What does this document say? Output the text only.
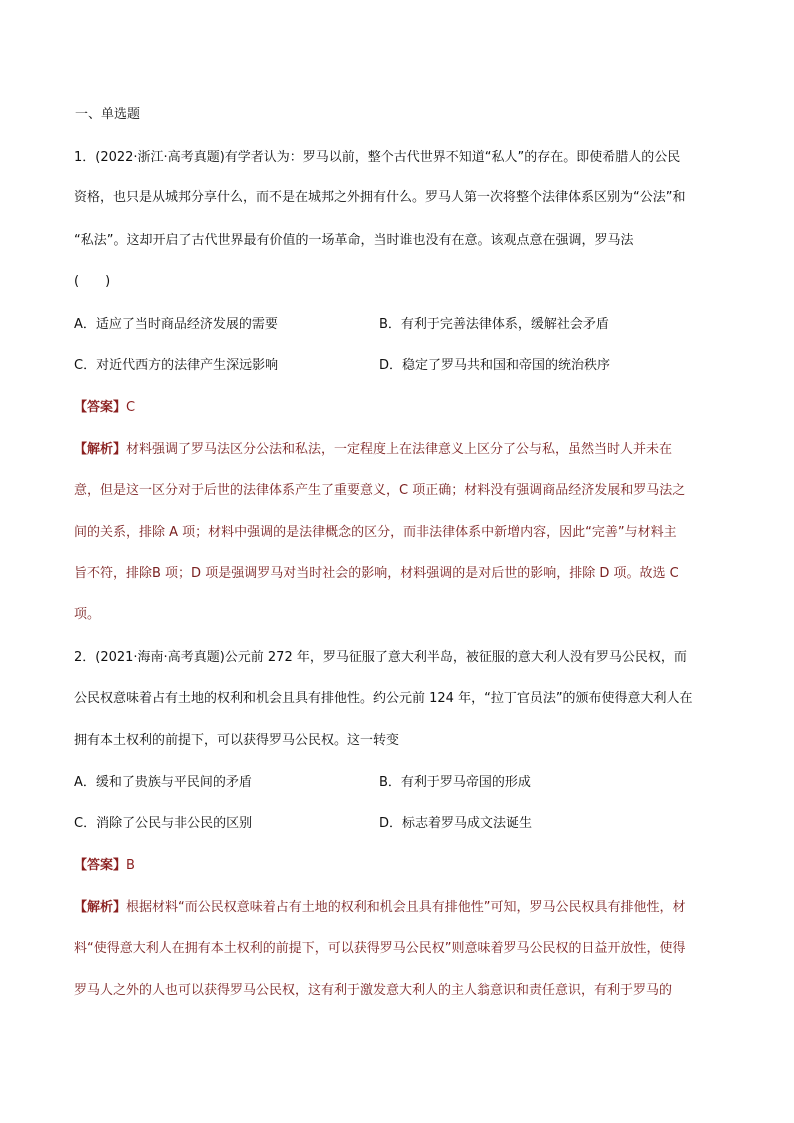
一、单选题
1．(2022·浙江·高考真题)有学者认为：罗马以前，整个古代世界不知道“私人”的存在。即使希腊人的公民
资格，也只是从城邦分享什么，而不是在城邦之外拥有什么。罗马人第一次将整个法律体系区别为“公法”和
“私法”。这却开启了古代世界最有价值的一场革命，当时谁也没有在意。该观点意在强调，罗马法
(　　)
A．适应了当时商品经济发展的需要	B．有利于完善法律体系，缓解社会矛盾
C．对近代西方的法律产生深远影响	D．稳定了罗马共和国和帝国的统治秩序
【答案】C
【解析】材料强调了罗马法区分公法和私法，一定程度上在法律意义上区分了公与私，虽然当时人并未在
意，但是这一区分对于后世的法律体系产生了重要意义，C 项正确；材料没有强调商品经济发展和罗马法之
间的关系，排除 A 项；材料中强调的是法律概念的区分，而非法律体系中新增内容，因此“完善”与材料主
旨不符，排除B 项；D 项是强调罗马对当时社会的影响，材料强调的是对后世的影响，排除 D 项。故选 C
项。
2．(2021·海南·高考真题)公元前 272 年，罗马征服了意大利半岛，被征服的意大利人没有罗马公民权，而
公民权意味着占有土地的权利和机会且具有排他性。约公元前 124 年，“拉丁官员法”的颁布使得意大利人在
拥有本土权利的前提下，可以获得罗马公民权。这一转变
A．缓和了贵族与平民间的矛盾	B．有利于罗马帝国的形成
C．消除了公民与非公民的区别	D．标志着罗马成文法诞生
【答案】B
【解析】根据材料“而公民权意味着占有土地的权利和机会且具有排他性”可知，罗马公民权具有排他性，材
料“使得意大利人在拥有本土权利的前提下，可以获得罗马公民权”则意味着罗马公民权的日益开放性，使得
罗马人之外的人也可以获得罗马公民权，这有利于激发意大利人的主人翁意识和责任意识，有利于罗马的
